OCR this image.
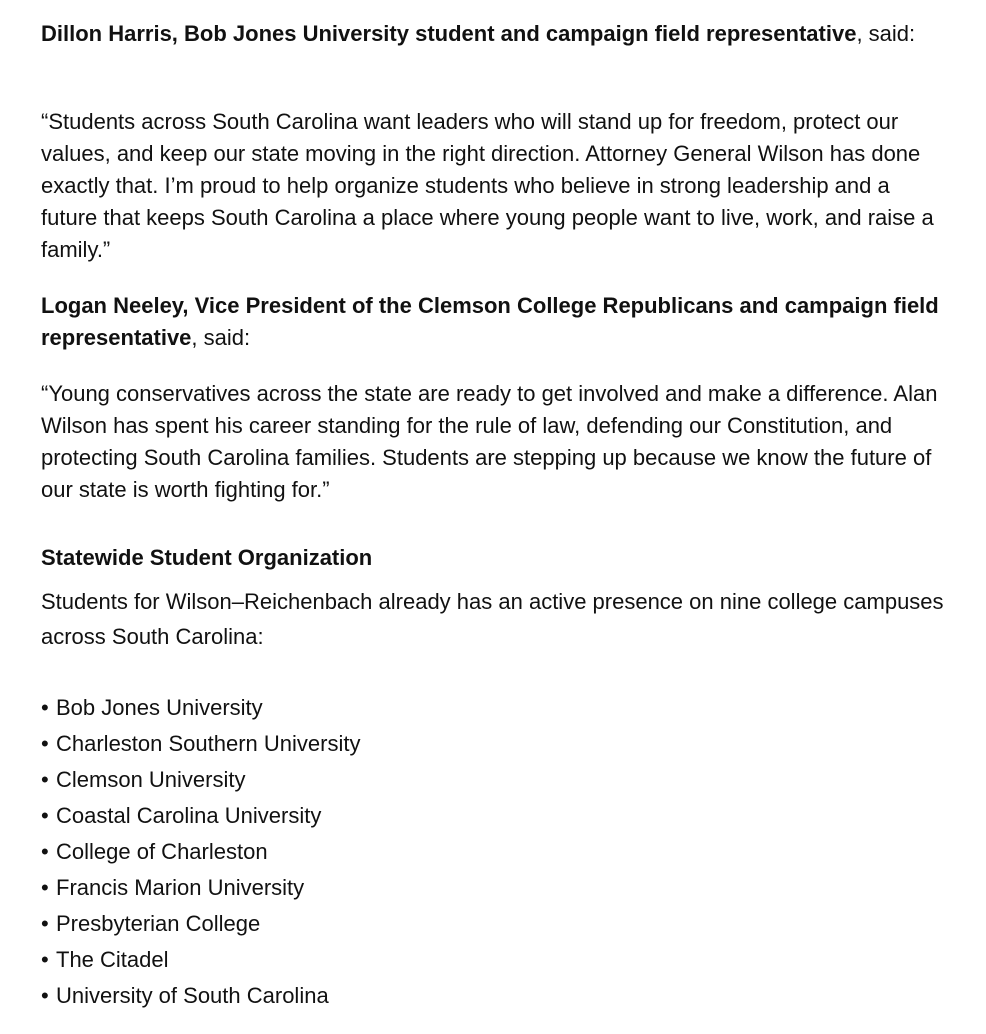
Dillon Harris, Bob Jones University student and campaign field representative, said:

“Students across South Carolina want leaders who will stand up for freedom, protect our values, and keep our state moving in the right direction. Attorney General Wilson has done exactly that. I’m proud to help organize students who believe in strong leadership and a future that keeps South Carolina a place where young people want to live, work, and raise a family.”

Logan Neeley, Vice President of the Clemson College Republicans and campaign field representative, said:

“Young conservatives across the state are ready to get involved and make a difference. Alan Wilson has spent his career standing for the rule of law, defending our Constitution, and protecting South Carolina families. Students are stepping up because we know the future of our state is worth fighting for.”

Statewide Student Organization

Students for Wilson–Reichenbach already has an active presence on nine college campuses across South Carolina:

• Bob Jones University
• Charleston Southern University
• Clemson University
• Coastal Carolina University
• College of Charleston
• Francis Marion University
• Presbyterian College
• The Citadel
• University of South Carolina
